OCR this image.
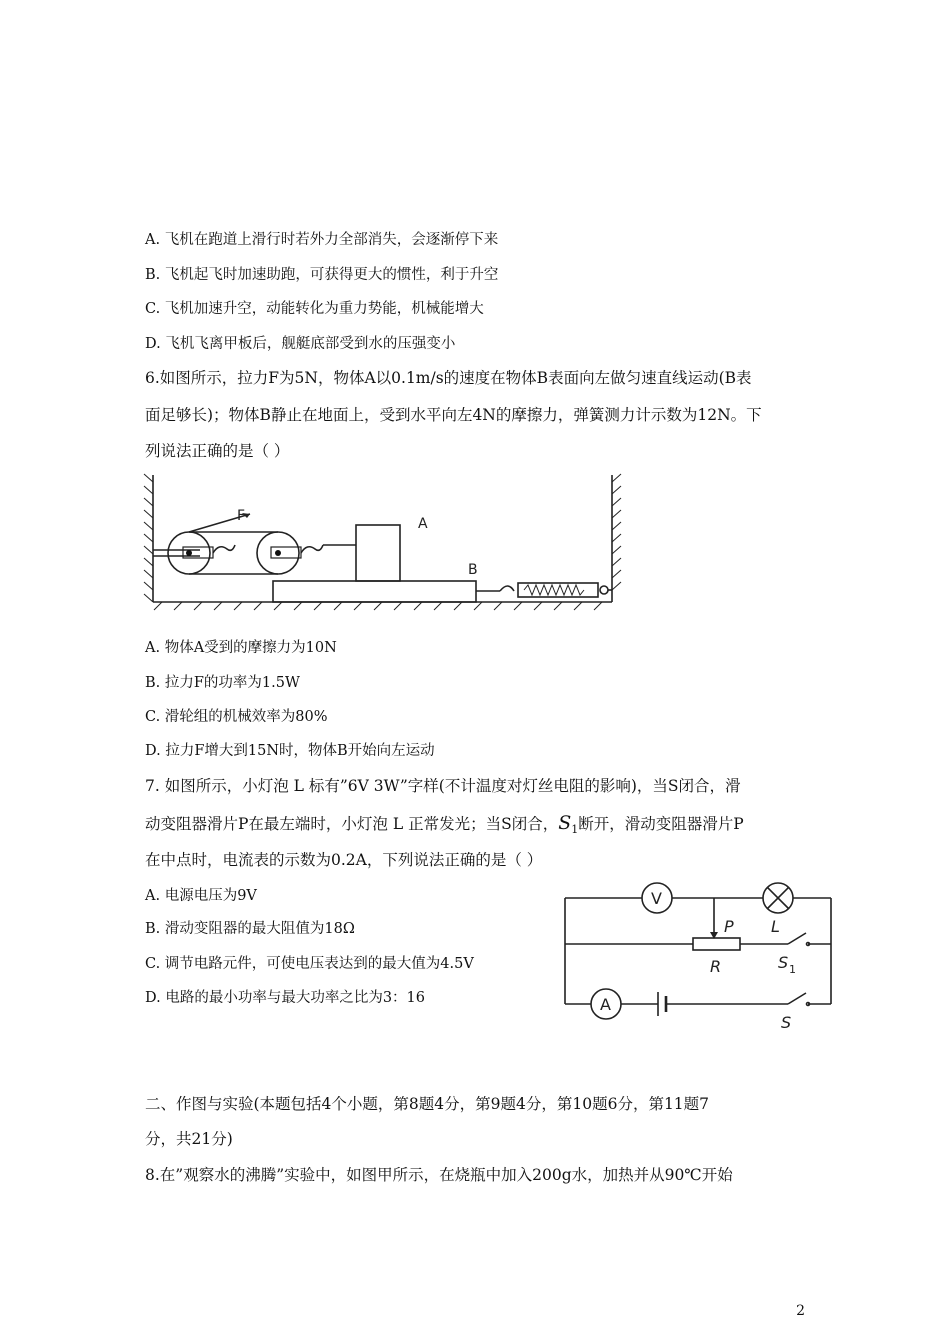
A. 飞机在跑道上滑行时若外力全部消失，会逐渐停下来
B. 飞机起飞时加速助跑，可获得更大的惯性，利于升空
C. 飞机加速升空，动能转化为重力势能，机械能增大
D. 飞机飞离甲板后，舰艇底部受到水的压强变小
6.如图所示，拉力F为5N，物体A以0.1m/s的速度在物体B表面向左做匀速直线运动(B表
面足够长)；物体B静止在地面上，受到水平向左4N的摩擦力，弹簧测力计示数为12N。下
列说法正确的是（ ）
F	A
B
A. 物体A受到的摩擦力为10N
B. 拉力F的功率为1.5W
C. 滑轮组的机械效率为80%
D. 拉力F增大到15N时，物体B开始向左运动
7. 如图所示，小灯泡 L 标有”6V 3W”字样(不计温度对灯丝电阻的影响)，当S闭合，滑
动变阻器滑片P在最左端时，小灯泡 L 正常发光；当S闭合，$S_1$断开，滑动变阻器滑片P
在中点时，电流表的示数为0.2A，下列说法正确的是（ ）
A. 电源电压为9V
B. 滑动变阻器的最大阻值为18Ω
C. 调节电路元件，可使电压表达到的最大值为4.5V
D. 电路的最小功率与最大功率之比为3：16
V
A
P L
R	S 1
S
二、作图与实验(本题包括4个小题，第8题4分，第9题4分，第10题6分，第11题7
分，共21分)
8.在”观察水的沸腾”实验中，如图甲所示，在烧瓶中加入200g水，加热并从90℃开始
2
